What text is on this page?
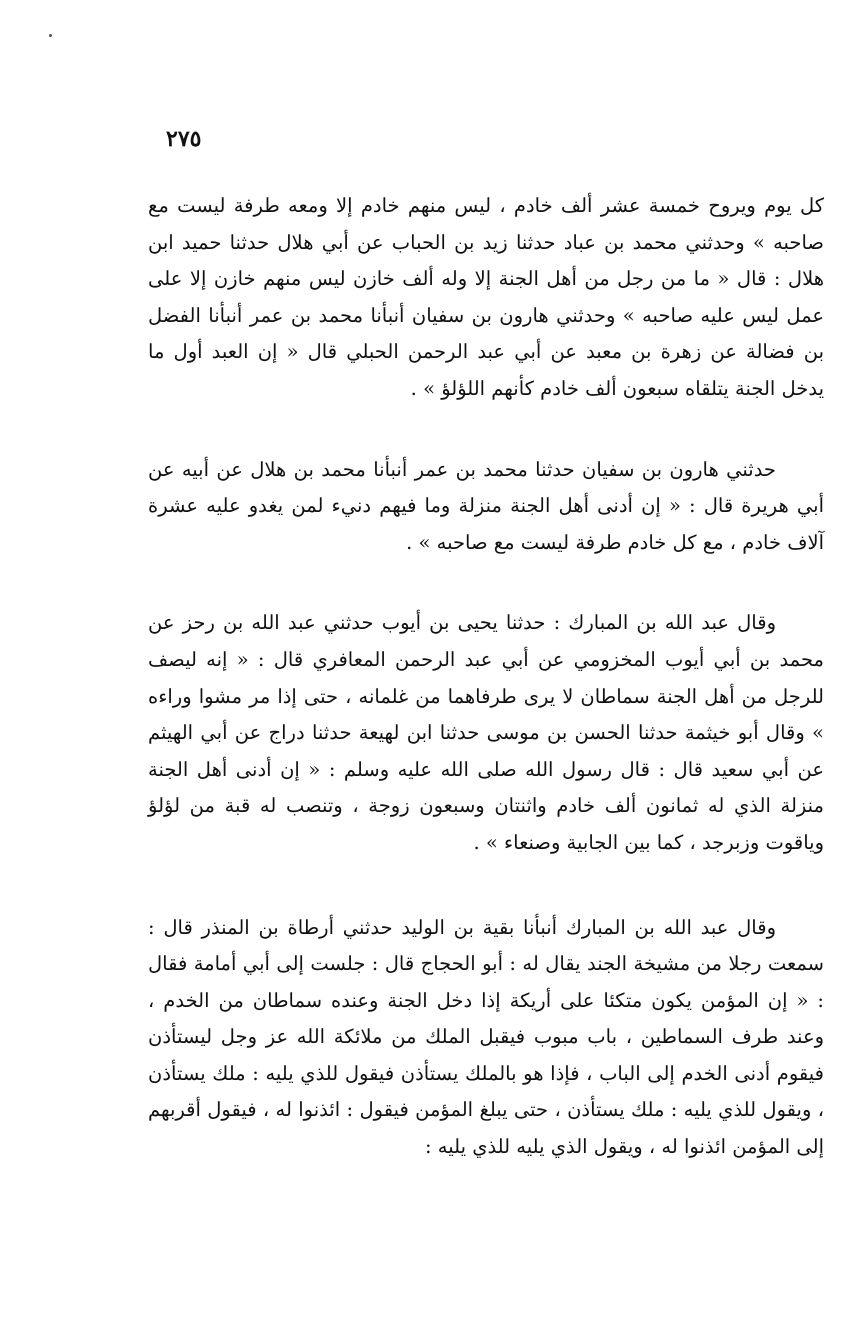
٢٧٥

كل يوم ويروح خمسة عشر ألف خادم ، ليس منهم خادم إلا ومعه طرفة ليست مع صاحبه » وحدثني محمد بن عباد حدثنا زيد بن الحباب عن أبي هلال حدثنا حميد ابن هلال : قال « ما من رجل من أهل الجنة إلا وله ألف خازن ليس منهم خازن إلا على عمل ليس عليه صاحبه » وحدثني هارون بن سفيان أنبأنا محمد بن عمر أنبأنا الفضل بن فضالة عن زهرة بن معبد عن أبي عبد الرحمن الحبلي قال « إن العبد أول ما يدخل الجنة يتلقاه سبعون ألف خادم كأنهم اللؤلؤ » .

حدثني هارون بن سفيان حدثنا محمد بن عمر أنبأنا محمد بن هلال عن أبيه عن أبي هريرة قال : « إن أدنى أهل الجنة منزلة وما فيهم دنيء لمن يغدو عليه عشرة آلاف خادم ، مع كل خادم طرفة ليست مع صاحبه » .

وقال عبد الله بن المبارك : حدثنا يحيى بن أيوب حدثني عبد الله بن رحز عن محمد بن أبي أيوب المخزومي عن أبي عبد الرحمن المعافري قال : « إنه ليصف للرجل من أهل الجنة سماطان لا يرى طرفاهما من غلمانه ، حتى إذا مر مشوا وراءه » وقال أبو خيثمة حدثنا الحسن بن موسى حدثنا ابن لهيعة حدثنا دراج عن أبي الهيثم عن أبي سعيد قال : قال رسول الله صلى الله عليه وسلم : « إن أدنى أهل الجنة منزلة الذي له ثمانون ألف خادم واثنتان وسبعون زوجة ، وتنصب له قبة من لؤلؤ وياقوت وزبرجد ، كما بين الجابية وصنعاء » .

وقال عبد الله بن المبارك أنبأنا بقية بن الوليد حدثني أرطاة بن المنذر قال : سمعت رجلا من مشيخة الجند يقال له : أبو الحجاج قال : جلست إلى أبي أمامة فقال : « إن المؤمن يكون متكئا على أريكة إذا دخل الجنة وعنده سماطان من الخدم ، وعند طرف السماطين ، باب مبوب فيقبل الملك من ملائكة الله عز وجل ليستأذن فيقوم أدنى الخدم إلى الباب ، فإذا هو بالملك يستأذن فيقول للذي يليه : ملك يستأذن ، ويقول للذي يليه : ملك يستأذن ، حتى يبلغ المؤمن فيقول : ائذنوا له ، فيقول أقربهم إلى المؤمن ائذنوا له ، ويقول الذي يليه للذي يليه :
